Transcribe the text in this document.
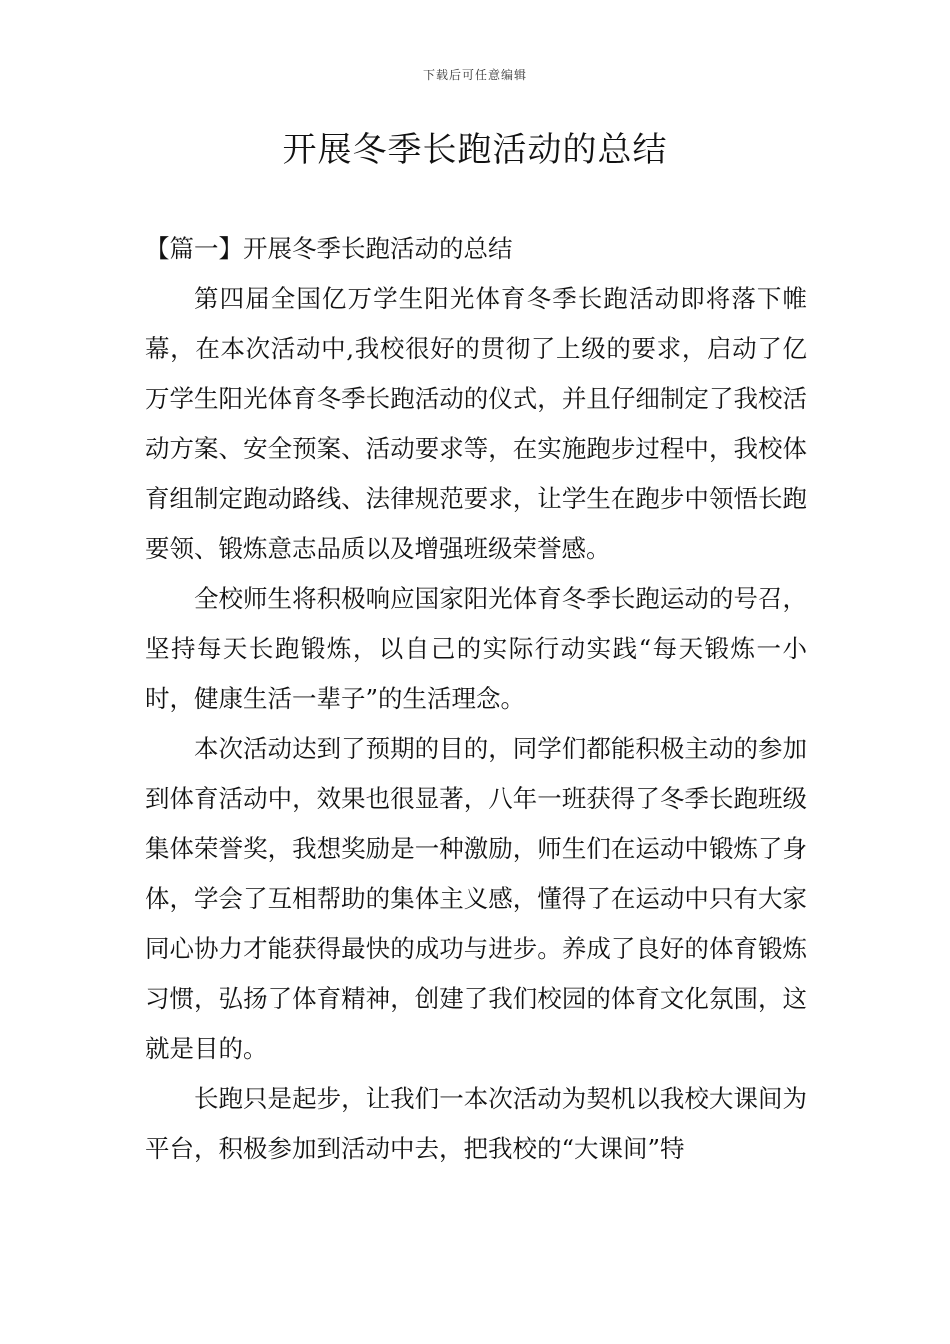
下载后可任意编辑
开展冬季长跑活动的总结
【篇一】开展冬季长跑活动的总结

第四届全国亿万学生阳光体育冬季长跑活动即将落下帷幕，在本次活动中,我校很好的贯彻了上级的要求，启动了亿万学生阳光体育冬季长跑活动的仪式，并且仔细制定了我校活动方案、安全预案、活动要求等，在实施跑步过程中，我校体育组制定跑动路线、法律规范要求，让学生在跑步中领悟长跑要领、锻炼意志品质以及增强班级荣誉感。

全校师生将积极响应国家阳光体育冬季长跑运动的号召，坚持每天长跑锻炼，以自己的实际行动实践“每天锻炼一小时，健康生活一辈子”的生活理念。

本次活动达到了预期的目的，同学们都能积极主动的参加到体育活动中，效果也很显著，八年一班获得了冬季长跑班级集体荣誉奖，我想奖励是一种激励，师生们在运动中锻炼了身体，学会了互相帮助的集体主义感，懂得了在运动中只有大家同心协力才能获得最快的成功与进步。养成了良好的体育锻炼习惯，弘扬了体育精神，创建了我们校园的体育文化氛围，这就是目的。

长跑只是起步，让我们一本次活动为契机以我校大课间为平台，积极参加到活动中去，把我校的“大课间”特
